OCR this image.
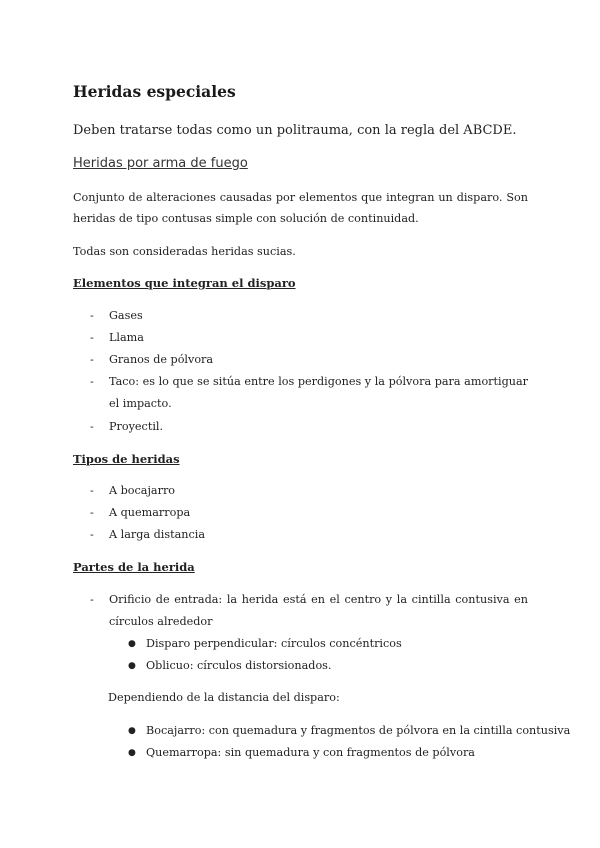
Heridas especiales

Deben tratarse todas como un politrauma, con la regla del ABCDE.

Heridas por arma de fuego

Conjunto de alteraciones causadas por elementos que integran un disparo. Son heridas de tipo contusas simple con solución de continuidad.

Todas son consideradas heridas sucias.

Elementos que integran el disparo

- Gases
- Llama
- Granos de pólvora
- Taco: es lo que se sitúa entre los perdigones y la pólvora para amortiguar el impacto.
- Proyectil.

Tipos de heridas

- A bocajarro
- A quemarropa
- A larga distancia

Partes de la herida

- Orificio de entrada: la herida está en el centro y la cintilla contusiva en círculos alrededor
● Disparo perpendicular: círculos concéntricos
● Oblicuo: círculos distorsionados.

Dependiendo de la distancia del disparo:

● Bocajarro: con quemadura y fragmentos de pólvora en la cintilla contusiva
● Quemarropa: sin quemadura y con fragmentos de pólvora
